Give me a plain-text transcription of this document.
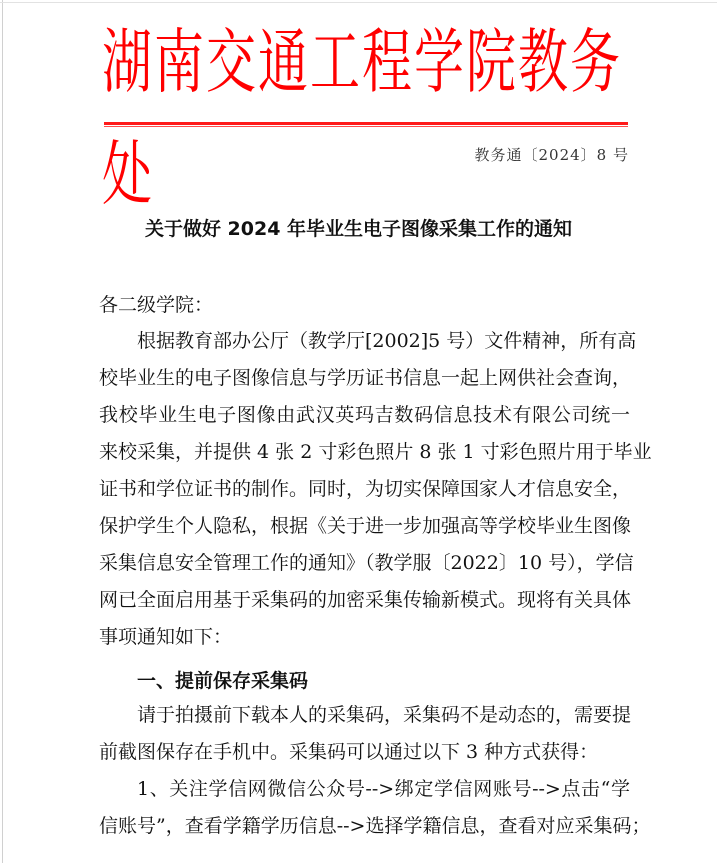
湖南交通工程学院教务处	教务通〔2024〕8 号
关于做好 2024 年毕业生电子图像采集工作的通知
各二级学院：
根据教育部办公厅（教学厅[2002]5 号）文件精神，所有高
校毕业生的电子图像信息与学历证书信息一起上网供社会查询，
我校毕业生电子图像由武汉英玛吉数码信息技术有限公司统一
来校采集，并提供 4 张 2 寸彩色照片 8 张 1 寸彩色照片用于毕业
证书和学位证书的制作。同时，为切实保障国家人才信息安全，
保护学生个人隐私，根据《关于进一步加强高等学校毕业生图像
采集信息安全管理工作的通知》（教学服〔2022〕10 号），学信
网已全面启用基于采集码的加密采集传输新模式。现将有关具体
事项通知如下：
一、提前保存采集码
请于拍摄前下载本人的采集码，采集码不是动态的，需要提
前截图保存在手机中。采集码可以通过以下 3 种方式获得：
1、关注学信网微信公众号-->绑定学信网账号-->点击“学
信账号”，查看学籍学历信息-->选择学籍信息，查看对应采集码；
